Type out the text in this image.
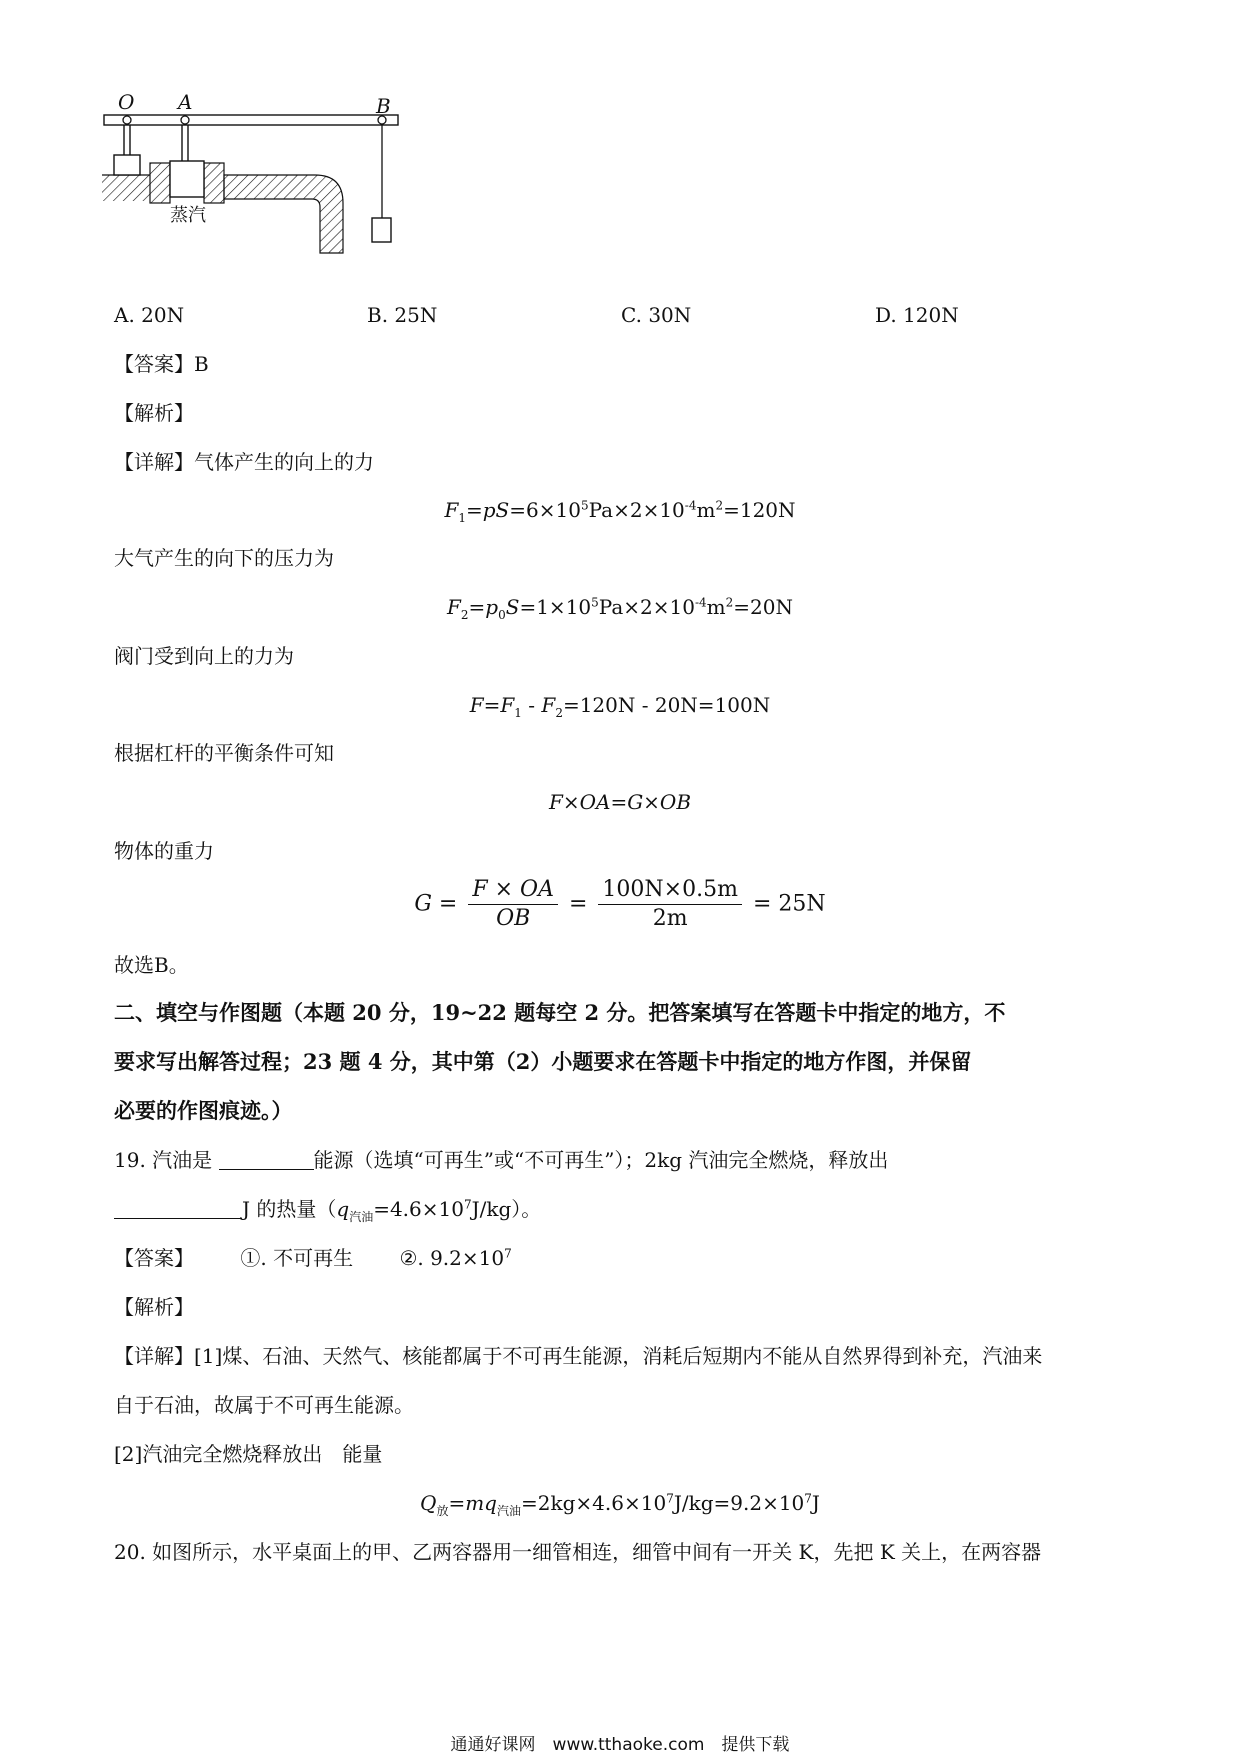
O A	B
蒸汽
A. 20N	B. 25N	C. 30N	D. 120N
【答案】B
【解析】
【详解】气体产生的向上的力
$F_1=pS=6\times 10^5Pa\times 2\times 10^{-4}m^2=120N$
大气产生的向下的压力为
$F_2=p_0S=1\times 10^5Pa\times 2\times 10^{-4}m^2=20N$
阀门受到向上的力为
$F=F_1 - F_2=120N - 20N=100N$
根据杠杆的平衡条件可知
F×OA=G×OB
物体的重力
$G = \frac{F \times OA}{OB} = \frac{100N\times 0.5m}{2m} = 25N$
故选B。
二、填空与作图题（本题 20 分，19~22 题每空 2 分。把答案填写在答题卡中指定的地方，不
要求写出解答过程；23 题 4 分，其中第（2）小题要求在答题卡中指定的地方作图，并保留
必要的作图痕迹。）
19. 汽油是	能源（选填“可再生”或“不可再生”）；2kg 汽油完全燃烧，释放出
J 的热量$(q_{汽油}=4.6\times 10^7J/kg)$。
【答案】 ①. 不可再生 ②. $9.2\times 10^7$
【解析】
【详解】[1]煤、石油、天然气、核能都属于不可再生能源，消耗后短期内不能从自然界得到补充，汽油来
自于石油，故属于不可再生能源。
[2]汽油完全燃烧释放出　能量
$Q_放=mq_{汽油}=2kg\times 4.6\times 10^7J/kg=9.2\times 10^7J$
20. 如图所示，水平桌面上的甲、乙两容器用一细管相连，细管中间有一开关 K，先把 K 关上，在两容器
通通好课网　www.tthaoke.com　提供下载
